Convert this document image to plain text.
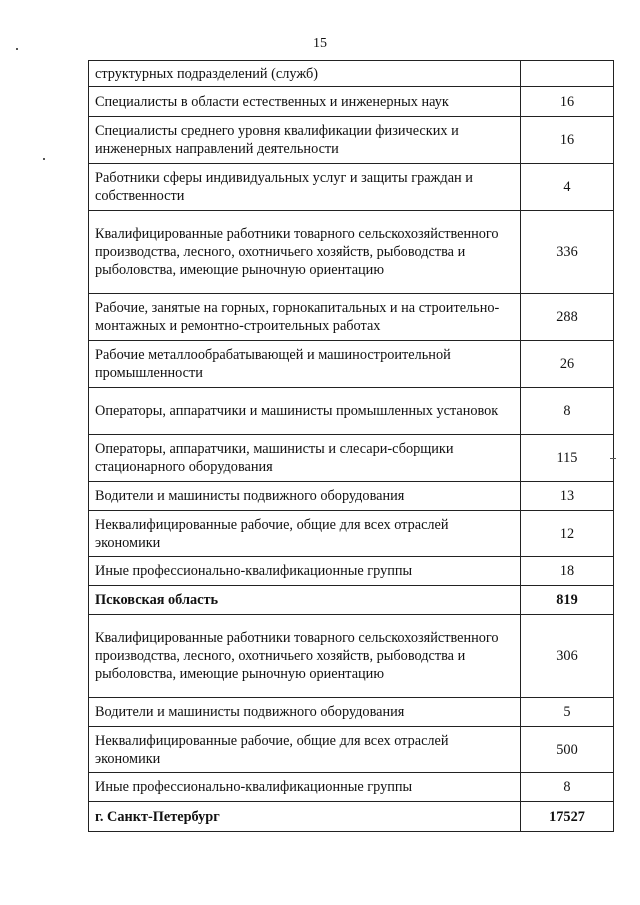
15
структурных подразделений (служб)	
Специалисты в области естественных и инженерных наук	16
Специалисты среднего уровня квалификации физических и инженерных направлений деятельности	16
Работники сферы индивидуальных услуг и защиты граждан и собственности	4
Квалифицированные работники товарного сельскохозяйственного производства, лесного, охотничьего хозяйств, рыбоводства и рыболовства, имеющие рыночную ориентацию	336
Рабочие, занятые на горных, горнокапитальных и на строительно-монтажных и ремонтно-строительных работах	288
Рабочие металлообрабатывающей и машиностроительной промышленности	26
Операторы, аппаратчики и машинисты промышленных установок	8
Операторы, аппаратчики, машинисты и слесари-сборщики стационарного оборудования	115
Водители и машинисты подвижного оборудования	13
Неквалифицированные рабочие, общие для всех отраслей экономики	12
Иные профессионально-квалификационные группы	18
Псковская область	819
Квалифицированные работники товарного сельскохозяйственного производства, лесного, охотничьего хозяйств, рыбоводства и рыболовства, имеющие рыночную ориентацию	306
Водители и машинисты подвижного оборудования	5
Неквалифицированные рабочие, общие для всех отраслей экономики	500
Иные профессионально-квалификационные группы	8
г. Санкт-Петербург	17527
